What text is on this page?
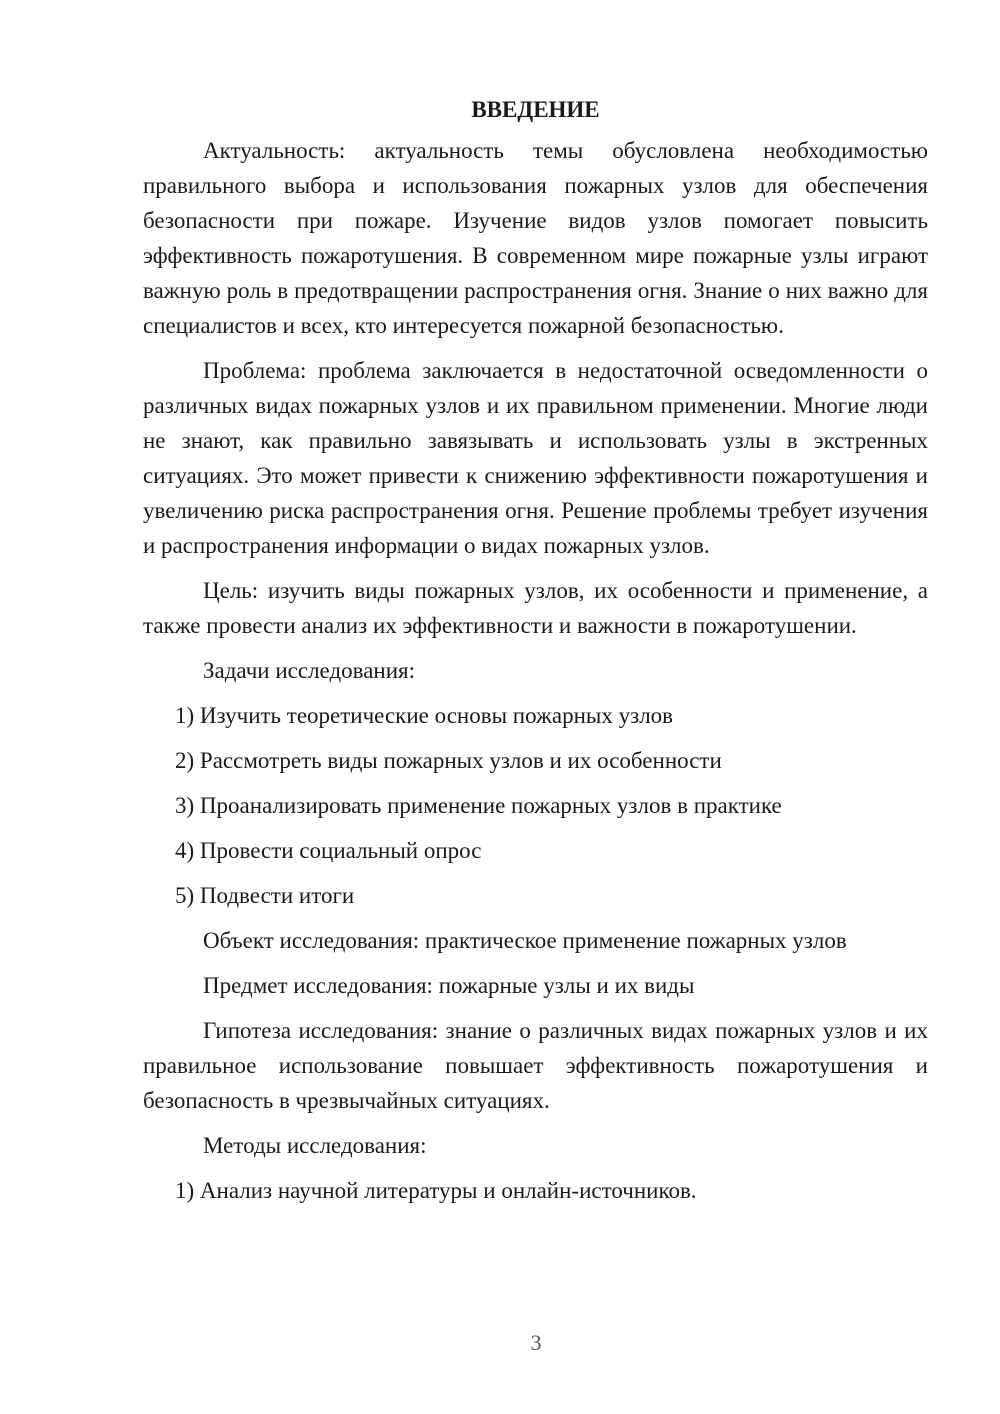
ВВЕДЕНИЕ

Актуальность: актуальность темы обусловлена необходимостью правильного выбора и использования пожарных узлов для обеспечения безопасности при пожаре. Изучение видов узлов помогает повысить эффективность пожаротушения. В современном мире пожарные узлы играют важную роль в предотвращении распространения огня. Знание о них важно для специалистов и всех, кто интересуется пожарной безопасностью.

Проблема: проблема заключается в недостаточной осведомленности о различных видах пожарных узлов и их правильном применении. Многие люди не знают, как правильно завязывать и использовать узлы в экстренных ситуациях. Это может привести к снижению эффективности пожаротушения и увеличению риска распространения огня. Решение проблемы требует изучения и распространения информации о видах пожарных узлов.

Цель: изучить виды пожарных узлов, их особенности и применение, а также провести анализ их эффективности и важности в пожаротушении.

Задачи исследования:

1) Изучить теоретические основы пожарных узлов
2) Рассмотреть виды пожарных узлов и их особенности
3) Проанализировать применение пожарных узлов в практике
4) Провести социальный опрос
5) Подвести итоги

Объект исследования: практическое применение пожарных узлов

Предмет исследования: пожарные узлы и их виды

Гипотеза исследования: знание о различных видах пожарных узлов и их правильное использование повышает эффективность пожаротушения и безопасность в чрезвычайных ситуациях.

Методы исследования:

1) Анализ научной литературы и онлайн-источников.
3
